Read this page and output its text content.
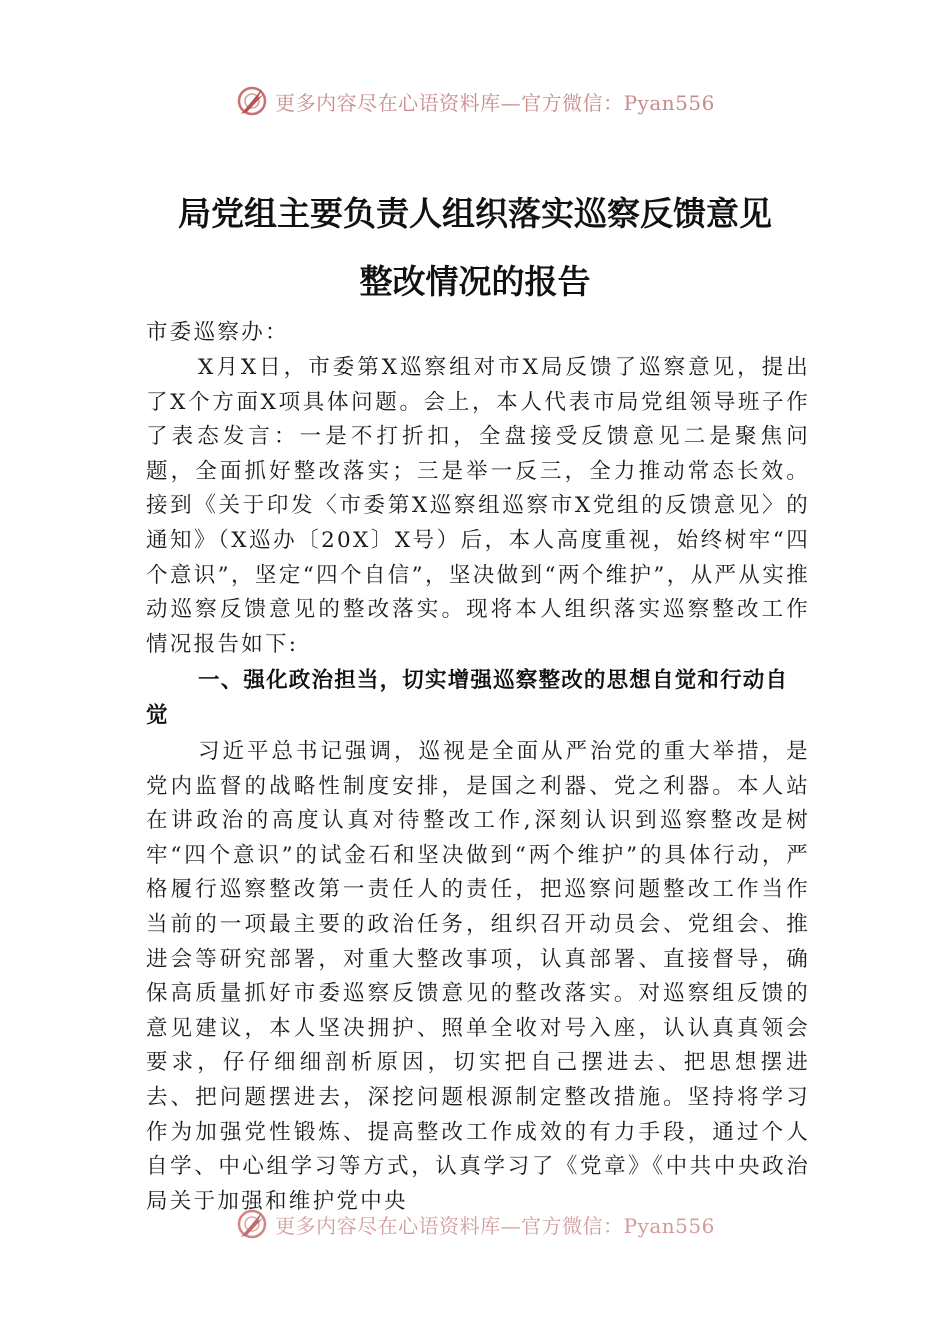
更多内容尽在心语资料库—官方微信：Pyan556
局党组主要负责人组织落实巡察反馈意见
整改情况的报告

市委巡察办：

X月X日，市委第X巡察组对市X局反馈了巡察意见，提出了X个方面X项具体问题。会上，本人代表市局党组领导班子作了表态发言：一是不打折扣，全盘接受反馈意见二是聚焦问题，全面抓好整改落实；三是举一反三，全力推动常态长效。接到《关于印发〈市委第X巡察组巡察市X党组的反馈意见〉的通知》（X巡办〔20X〕X号）后，本人高度重视，始终树牢“四个意识”，坚定“四个自信”，坚决做到“两个维护”，从严从实推动巡察反馈意见的整改落实。现将本人组织落实巡察整改工作情况报告如下:

一、强化政治担当，切实增强巡察整改的思想自觉和行动自觉

习近平总书记强调，巡视是全面从严治党的重大举措，是党内监督的战略性制度安排，是国之利器、党之利器。本人站在讲政治的高度认真对待整改工作,深刻认识到巡察整改是树牢“四个意识”的试金石和坚决做到“两个维护”的具体行动，严格履行巡察整改第一责任人的责任，把巡察问题整改工作当作当前的一项最主要的政治任务，组织召开动员会、党组会、推进会等研究部署，对重大整改事项，认真部署、直接督导，确保高质量抓好市委巡察反馈意见的整改落实。对巡察组反馈的意见建议，本人坚决拥护、照单全收对号入座，认认真真领会要求，仔仔细细剖析原因，切实把自己摆进去、把思想摆进去、把问题摆进去，深挖问题根源制定整改措施。坚持将学习作为加强党性锻炼、提高整改工作成效的有力手段，通过个人自学、中心组学习等方式，认真学习了《党章》《中共中央政治局关于加强和维护党中央

更多内容尽在心语资料库—官方微信：Pyan556
